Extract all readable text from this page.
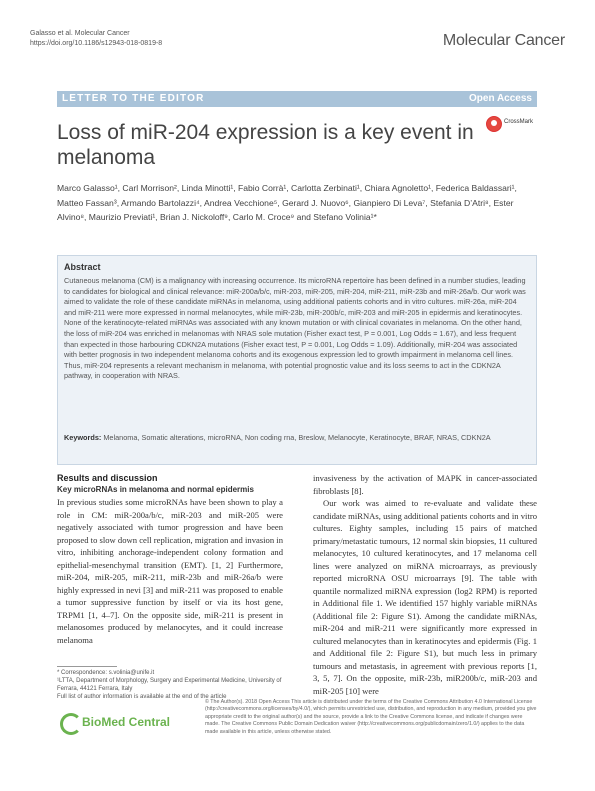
Galasso et al. Molecular Cancer
https://doi.org/10.1186/s12943-018-0819-8	Molecular Cancer
LETTER TO THE EDITOR	Open Access
Loss of miR-204 expression is a key event in melanoma
CrossMark
Marco Galasso¹, Carl Morrison², Linda Minotti¹, Fabio Corrà¹, Carlotta Zerbinati¹, Chiara Agnoletto¹, Federica Baldassari¹, Matteo Fassan³, Armando Bartolazzi⁴, Andrea Vecchione⁵, Gerard J. Nuovo⁶, Gianpiero Di Leva⁷, Stefania D’Atri⁸, Ester Alvino⁸, Maurizio Previati¹, Brian J. Nickoloff⁹, Carlo M. Croce⁹ and Stefano Volinia¹*
Abstract
Cutaneous melanoma (CM) is a malignancy with increasing occurrence. Its microRNA repertoire has been defined in a number studies, leading to candidates for biological and clinical relevance: miR-200a/b/c, miR-203, miR-205, miR-204, miR-211, miR-23b and miR-26a/b. Our work was aimed to validate the role of these candidate miRNAs in melanoma, using additional patients cohorts and in vitro cultures. miR-26a, miR-204 and miR-211 were more expressed in normal melanocytes, while miR-23b, miR-200b/c, miR-203 and miR-205 in epidermis and keratinocytes. None of the keratinocyte-related miRNAs was associated with any known mutation or with clinical covariates in melanoma. On the other hand, the loss of miR-204 was enriched in melanomas with NRAS sole mutation (Fisher exact test, P = 0.001, Log Odds = 1.67), and less frequent than expected in those harbouring CDKN2A mutations (Fisher exact test, P = 0.001, Log Odds = 1.09). Additionally, miR-204 was associated with better prognosis in two independent melanoma cohorts and its exogenous expression led to growth impairment in melanoma cell lines. Thus, miR-204 represents a relevant mechanism in melanoma, with potential prognostic value and its loss seems to act in the CDKN2A pathway, in cooperation with NRAS.
Keywords: Melanoma, Somatic alterations, microRNA, Non coding rna, Breslow, Melanocyte, Keratinocyte, BRAF, NRAS, CDKN2A
Results and discussion
Key microRNAs in melanoma and normal epidermis

In previous studies some microRNAs have been shown to play a role in CM: miR-200a/b/c, miR-203 and miR-205 were negatively associated with tumor progression and have been proposed to slow down cell replication, migration and invasion in vitro, inhibiting anchorage-independent colony formation and epithelial-mesenchymal transition (EMT). [1, 2] Furthermore, miR-204, miR-205, miR-211, miR-23b and miR-26a/b were highly expressed in nevi [3] and miR-211 was proposed to enable a tumor suppressive function by itself or via its host gene, TRPM1 [1, 4–7]. On the opposite side, miR-211 is present in melanosomes produced by melanocytes, and it could increase melanoma

invasiveness by the activation of MAPK in cancer-associated fibroblasts [8].

Our work was aimed to re-evaluate and validate these candidate miRNAs, using additional patients cohorts and in vitro cultures. Eighty samples, including 15 pairs of matched primary/metastatic tumours, 12 normal skin biopsies, 11 cultured melanocytes, 10 cultured keratinocytes, and 17 melanoma cell lines were analyzed on miRNA microarrays, as previously reported microRNA OSU microarrays [9]. The table with quantile normalized miRNA expression (log2 RPM) is reported in Additional file 1. We identified 157 highly variable miRNAs (Additional file 2: Figure S1). Among the candidate miRNAs, miR-204 and miR-211 were significantly more expressed in cultured melanocytes than in keratinocytes and epidermis (Fig. 1 and Additional file 2: Figure S1), but much less in primary tumours and metastasis, in agreement with previous reports [1, 3, 5, 7]. On the opposite, miR-23b, miR200b/c, miR-203 and miR-205 [10] were

* Correspondence: s.volinia@unife.it
¹LTTA, Department of Morphology, Surgery and Experimental Medicine, University of Ferrara, 44121 Ferrara, Italy
Full list of author information is available at the end of the article
BioMed Central
© The Author(s). 2018 Open Access This article is distributed under the terms of the Creative Commons Attribution 4.0 International License (http://creativecommons.org/licenses/by/4.0/), which permits unrestricted use, distribution, and reproduction in any medium, provided you give appropriate credit to the original author(s) and the source, provide a link to the Creative Commons license, and indicate if changes were made. The Creative Commons Public Domain Dedication waiver (http://creativecommons.org/publicdomain/zero/1.0/) applies to the data made available in this article, unless otherwise stated.
